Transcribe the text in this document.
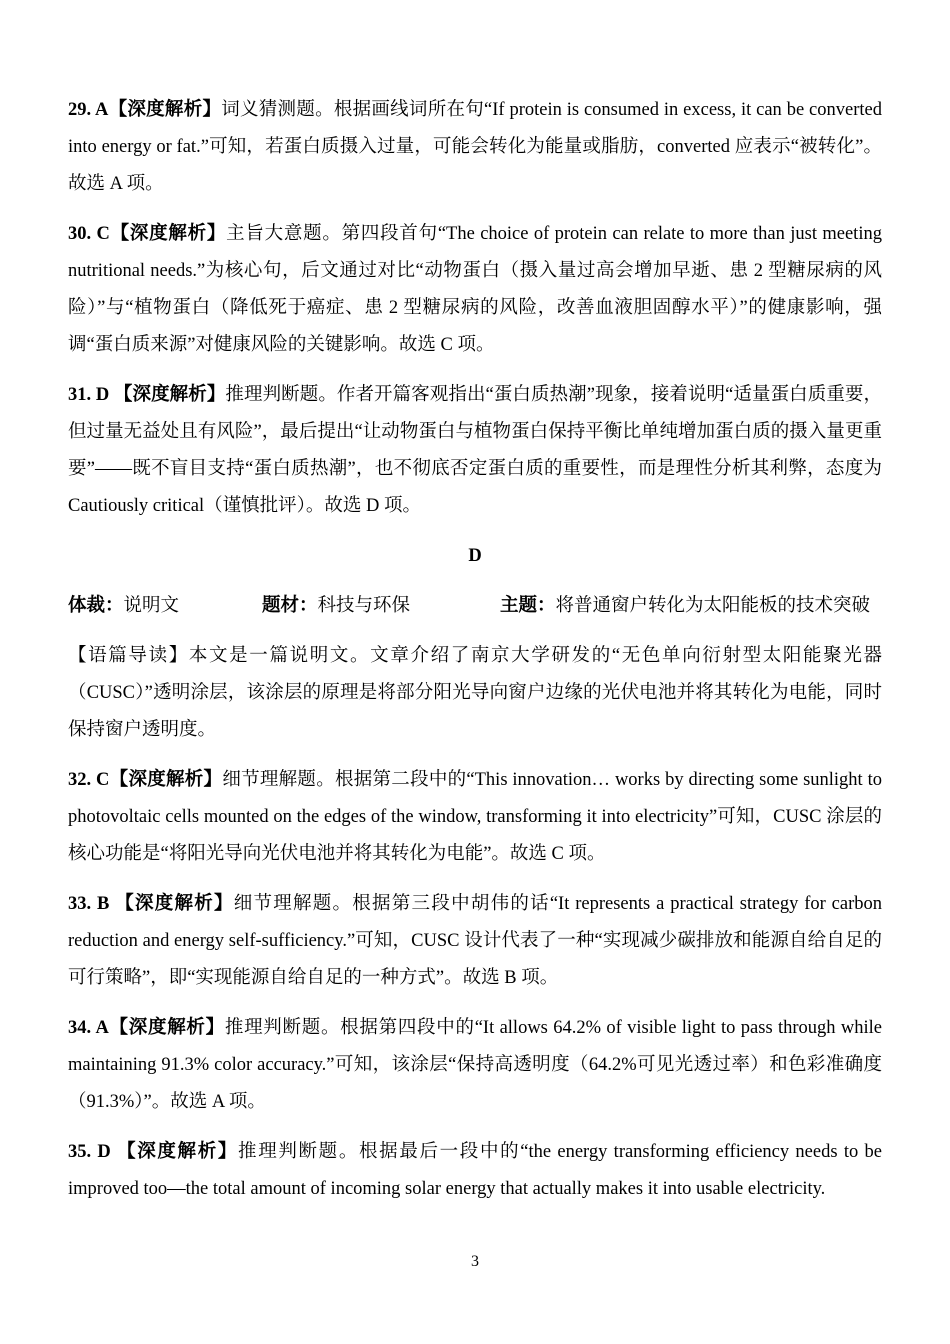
29. A【深度解析】词义猜测题。根据画线词所在句“If protein is consumed in excess, it can be converted into energy or fat.”可知，若蛋白质摄入过量，可能会转化为能量或脂肪，converted 应表示“被转化”。故选 A 项。

30. C【深度解析】主旨大意题。第四段首句“The choice of protein can relate to more than just meeting nutritional needs.”为核心句，后文通过对比“动物蛋白（摄入量过高会增加早逝、患 2 型糖尿病的风险）”与“植物蛋白（降低死于癌症、患 2 型糖尿病的风险，改善血液胆固醇水平）”的健康影响，强调“蛋白质来源”对健康风险的关键影响。故选 C 项。

31. D 【深度解析】推理判断题。作者开篇客观指出“蛋白质热潮”现象，接着说明“适量蛋白质重要，但过量无益处且有风险”，最后提出“让动物蛋白与植物蛋白保持平衡比单纯增加蛋白质的摄入量更重要”——既不盲目支持“蛋白质热潮”，也不彻底否定蛋白质的重要性，而是理性分析其利弊，态度为 Cautiously critical（谨慎批评）。故选 D 项。

D
体裁：说明文	题材：科技与环保	主题：将普通窗户转化为太阳能板的技术突破

【语篇导读】本文是一篇说明文。文章介绍了南京大学研发的“无色单向衍射型太阳能聚光器（CUSC）”透明涂层，该涂层的原理是将部分阳光导向窗户边缘的光伏电池并将其转化为电能，同时保持窗户透明度。

32. C【深度解析】细节理解题。根据第二段中的“This innovation… works by directing some sunlight to photovoltaic cells mounted on the edges of the window, transforming it into electricity”可知，CUSC 涂层的核心功能是“将阳光导向光伏电池并将其转化为电能”。故选 C 项。

33. B 【深度解析】细节理解题。根据第三段中胡伟的话“It represents a practical strategy for carbon reduction and energy self-sufficiency.”可知，CUSC 设计代表了一种“实现减少碳排放和能源自给自足的可行策略”，即“实现能源自给自足的一种方式”。故选 B 项。

34. A【深度解析】推理判断题。根据第四段中的“It allows 64.2% of visible light to pass through while maintaining 91.3% color accuracy.”可知，该涂层“保持高透明度（64.2%可见光透过率）和色彩准确度（91.3%）”。故选 A 项。

35. D 【深度解析】推理判断题。根据最后一段中的“the energy transforming efficiency needs to be improved too—the total amount of incoming solar energy that actually makes it into usable electricity.

3
